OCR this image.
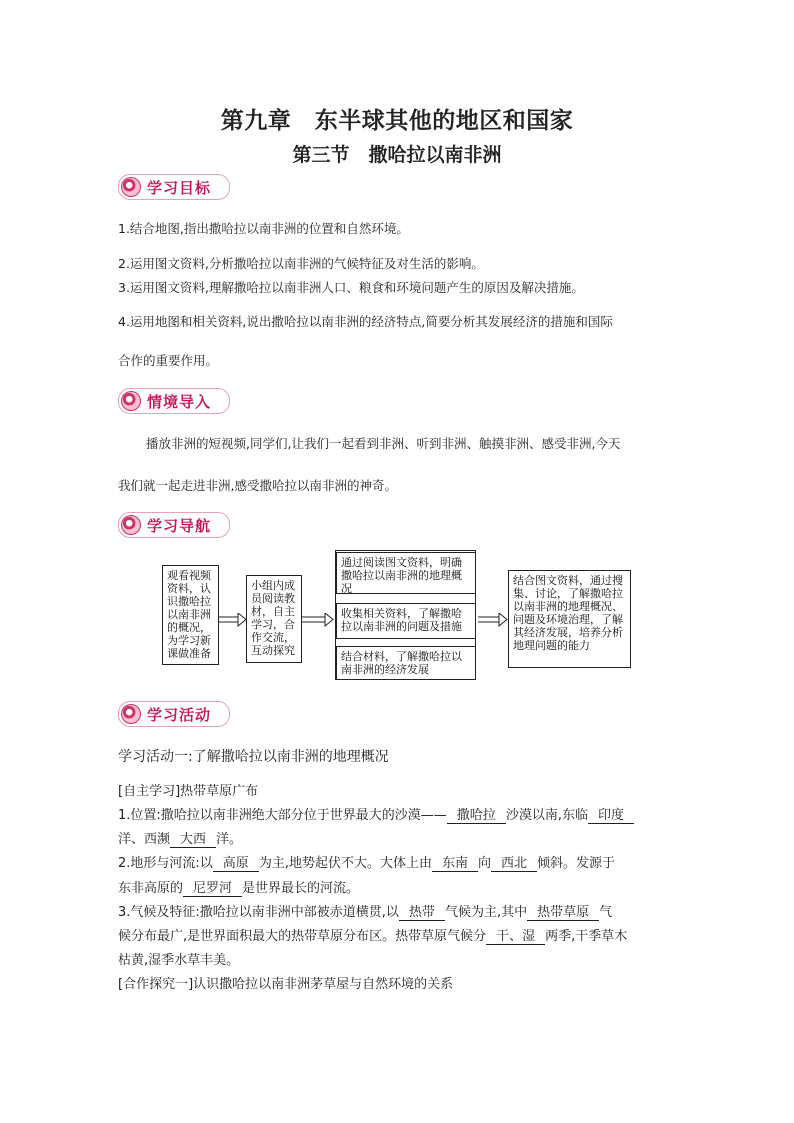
第九章　东半球其他的地区和国家
第三节　撒哈拉以南非洲
学习目标
1.结合地图,指出撒哈拉以南非洲的位置和自然环境。
2.运用图文资料,分析撒哈拉以南非洲的气候特征及对生活的影响。
3.运用图文资料,理解撒哈拉以南非洲人口、粮食和环境问题产生的原因及解决措施。
4.运用地图和相关资料,说出撒哈拉以南非洲的经济特点,简要分析其发展经济的措施和国际
合作的重要作用。
情境导入
播放非洲的短视频,同学们,让我们一起看到非洲、听到非洲、触摸非洲、感受非洲,今天
我们就一起走进非洲,感受撒哈拉以南非洲的神奇。
学习导航
观看视频资料，认识撒哈拉以南非洲的概况，为学习新课做准备
小组内成员阅读教材，自主学习，合作交流，互动探究
通过阅读图文资料，明确撒哈拉以南非洲的地理概况
收集相关资料，了解撒哈拉以南非洲的问题及措施
结合材料，了解撒哈拉以南非洲的经济发展
结合图文资料，通过搜集、讨论，了解撒哈拉以南非洲的地理概况、问题及环境治理，了解其经济发展，培养分析地理问题的能力
学习活动
学习活动一:了解撒哈拉以南非洲的地理概况
[自主学习]热带草原广布
1.位置:撒哈拉以南非洲绝大部分位于世界最大的沙漠—— 撒哈拉 沙漠以南,东临 印度
洋、西濒 大西 洋。
2.地形与河流:以 高原 为主,地势起伏不大。大体上由 东南 向 西北 倾斜。发源于
东非高原的 尼罗河 是世界最长的河流。
3.气候及特征:撒哈拉以南非洲中部被赤道横贯,以 热带 气候为主,其中 热带草原 气
候分布最广,是世界面积最大的热带草原分布区。热带草原气候分 干、湿 两季,干季草木
枯黄,湿季水草丰美。
[合作探究一]认识撒哈拉以南非洲茅草屋与自然环境的关系
